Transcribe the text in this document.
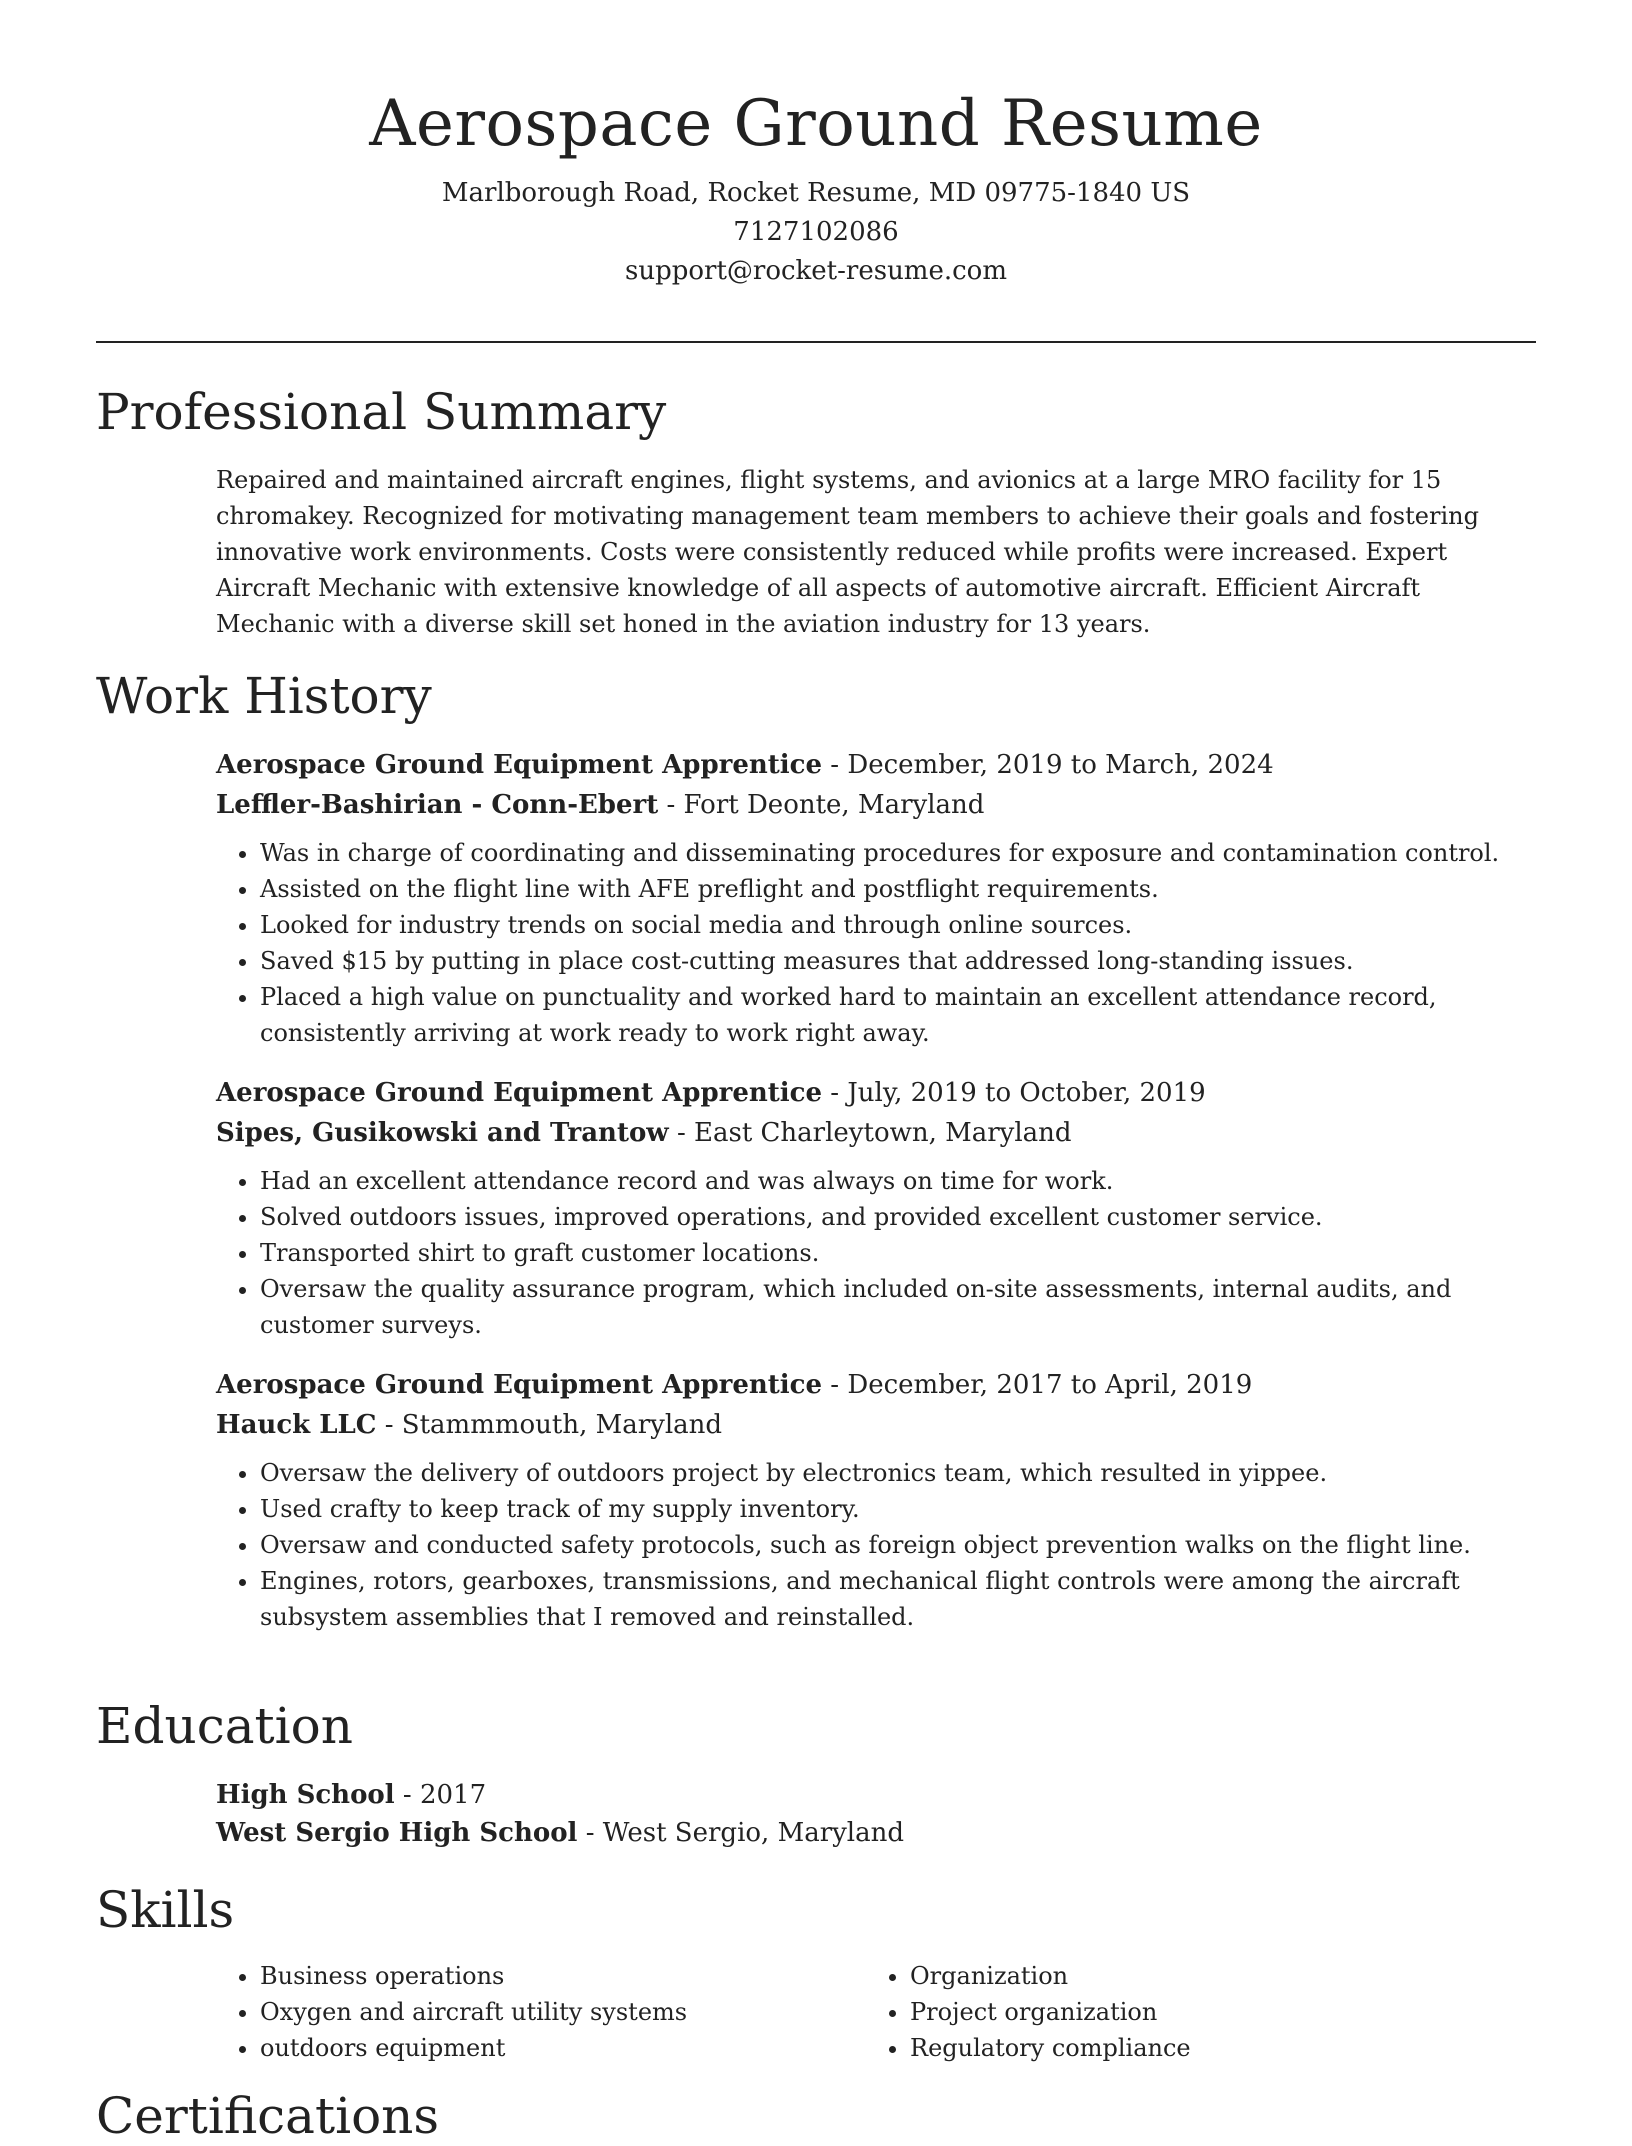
Aerospace Ground Resume
Marlborough Road, Rocket Resume, MD 09775-1840 US
7127102086
support@rocket-resume.com
Professional Summary

Repaired and maintained aircraft engines, flight systems, and avionics at a large MRO facility for 15 chromakey. Recognized for motivating management team members to achieve their goals and fostering innovative work environments. Costs were consistently reduced while profits were increased. Expert Aircraft Mechanic with extensive knowledge of all aspects of automotive aircraft. Efficient Aircraft Mechanic with a diverse skill set honed in the aviation industry for 13 years.

Work History
Aerospace Ground Equipment Apprentice - December, 2019 to March, 2024
Leffler-Bashirian - Conn-Ebert - Fort Deonte, Maryland
• Was in charge of coordinating and disseminating procedures for exposure and contamination control.
• Assisted on the flight line with AFE preflight and postflight requirements.
• Looked for industry trends on social media and through online sources.
• Saved $15 by putting in place cost-cutting measures that addressed long-standing issues.
• Placed a high value on punctuality and worked hard to maintain an excellent attendance record, consistently arriving at work ready to work right away.
Aerospace Ground Equipment Apprentice - July, 2019 to October, 2019
Sipes, Gusikowski and Trantow - East Charleytown, Maryland
• Had an excellent attendance record and was always on time for work.
• Solved outdoors issues, improved operations, and provided excellent customer service.
• Transported shirt to graft customer locations.
• Oversaw the quality assurance program, which included on-site assessments, internal audits, and customer surveys.
Aerospace Ground Equipment Apprentice - December, 2017 to April, 2019
Hauck LLC - Stammmouth, Maryland
• Oversaw the delivery of outdoors project by electronics team, which resulted in yippee.
• Used crafty to keep track of my supply inventory.
• Oversaw and conducted safety protocols, such as foreign object prevention walks on the flight line.
• Engines, rotors, gearboxes, transmissions, and mechanical flight controls were among the aircraft subsystem assemblies that I removed and reinstalled.
Education
High School - 2017
West Sergio High School - West Sergio, Maryland
Skills
• Business operations
• Oxygen and aircraft utility systems
• outdoors equipment
• Organization
• Project organization
• Regulatory compliance
Certifications
